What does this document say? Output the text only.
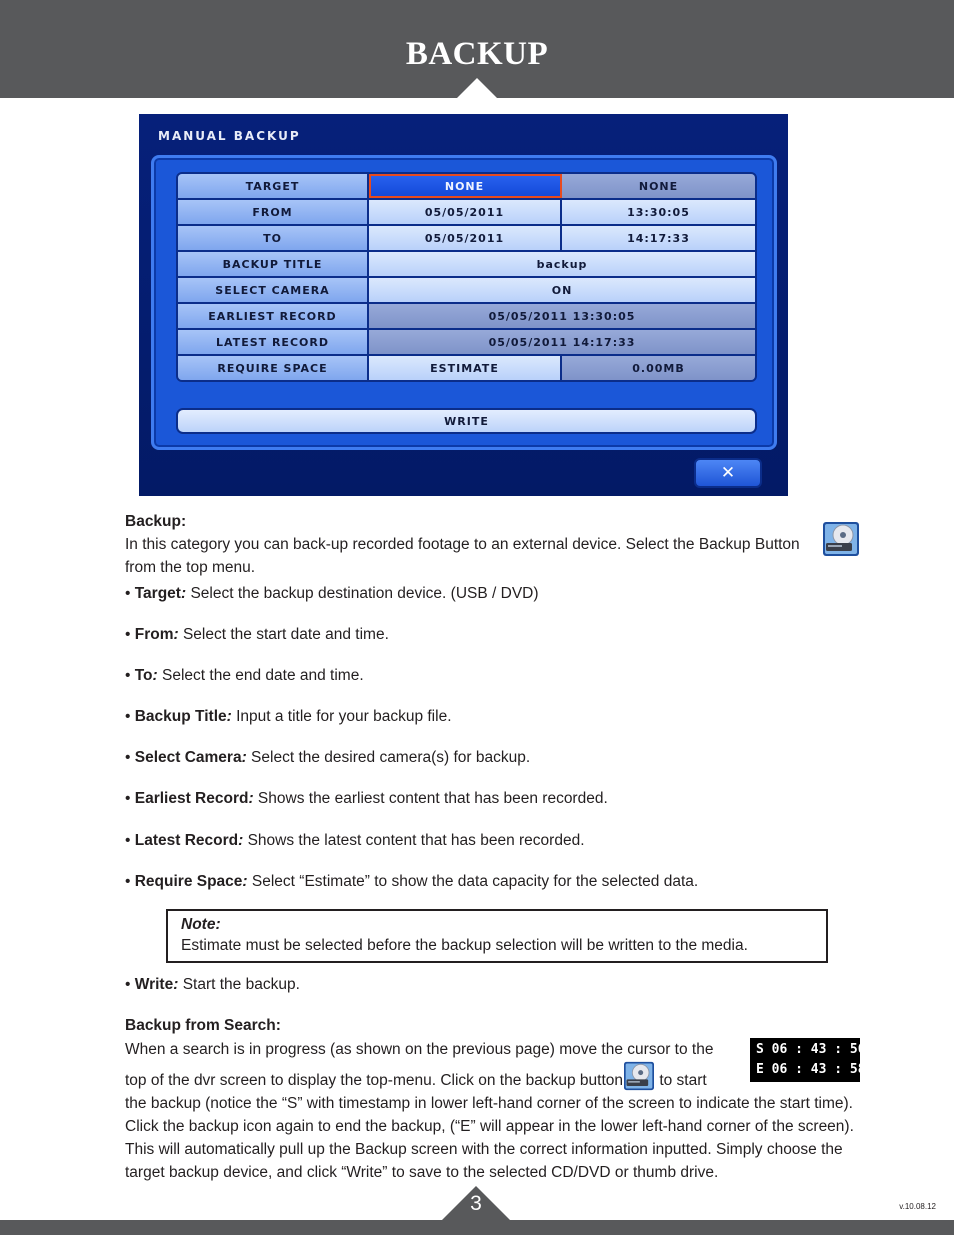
BACKUP
MANUAL BACKUP
TARGET	NONE	NONE
FROM	05/05/2011	13:30:05
TO	05/05/2011	14:17:33
BACKUP TITLE	backup
SELECT CAMERA	ON
EARLIEST RECORD	05/05/2011 13:30:05
LATEST RECORD	05/05/2011 14:17:33
REQUIRE SPACE	ESTIMATE	0.00MB
WRITE
✕
Backup:
In this category you can back-up recorded footage to an external device. Select the Backup Button
from the top menu.
• Target: Select the backup destination device. (USB / DVD)
• From: Select the start date and time.
• To: Select the end date and time.
• Backup Title: Input a title for your backup file.
• Select Camera: Select the desired camera(s) for backup.
• Earliest Record: Shows the earliest content that has been recorded.
• Latest Record: Shows the latest content that has been recorded.
• Require Space: Select “Estimate” to show the data capacity for the selected data.
Note:
Estimate must be selected before the backup selection will be written to the media.
• Write: Start the backup.
Backup from Search:
When a search is in progress (as shown on the previous page) move the cursor to the
top of the dvr screen to display the top-menu. Click on the backup button to start
the backup (notice the “S” with timestamp in lower left-hand corner of the screen to indicate the start time). Click the backup icon again to end the backup, (“E” will appear in the lower left-hand corner of the screen). This will automatically pull up the Backup screen with the correct information inputted. Simply choose the target backup device, and click “Write” to save to the selected CD/DVD or thumb drive.
S 06 : 43 : 56
E 06 : 43 : 58
3	v.10.08.12
